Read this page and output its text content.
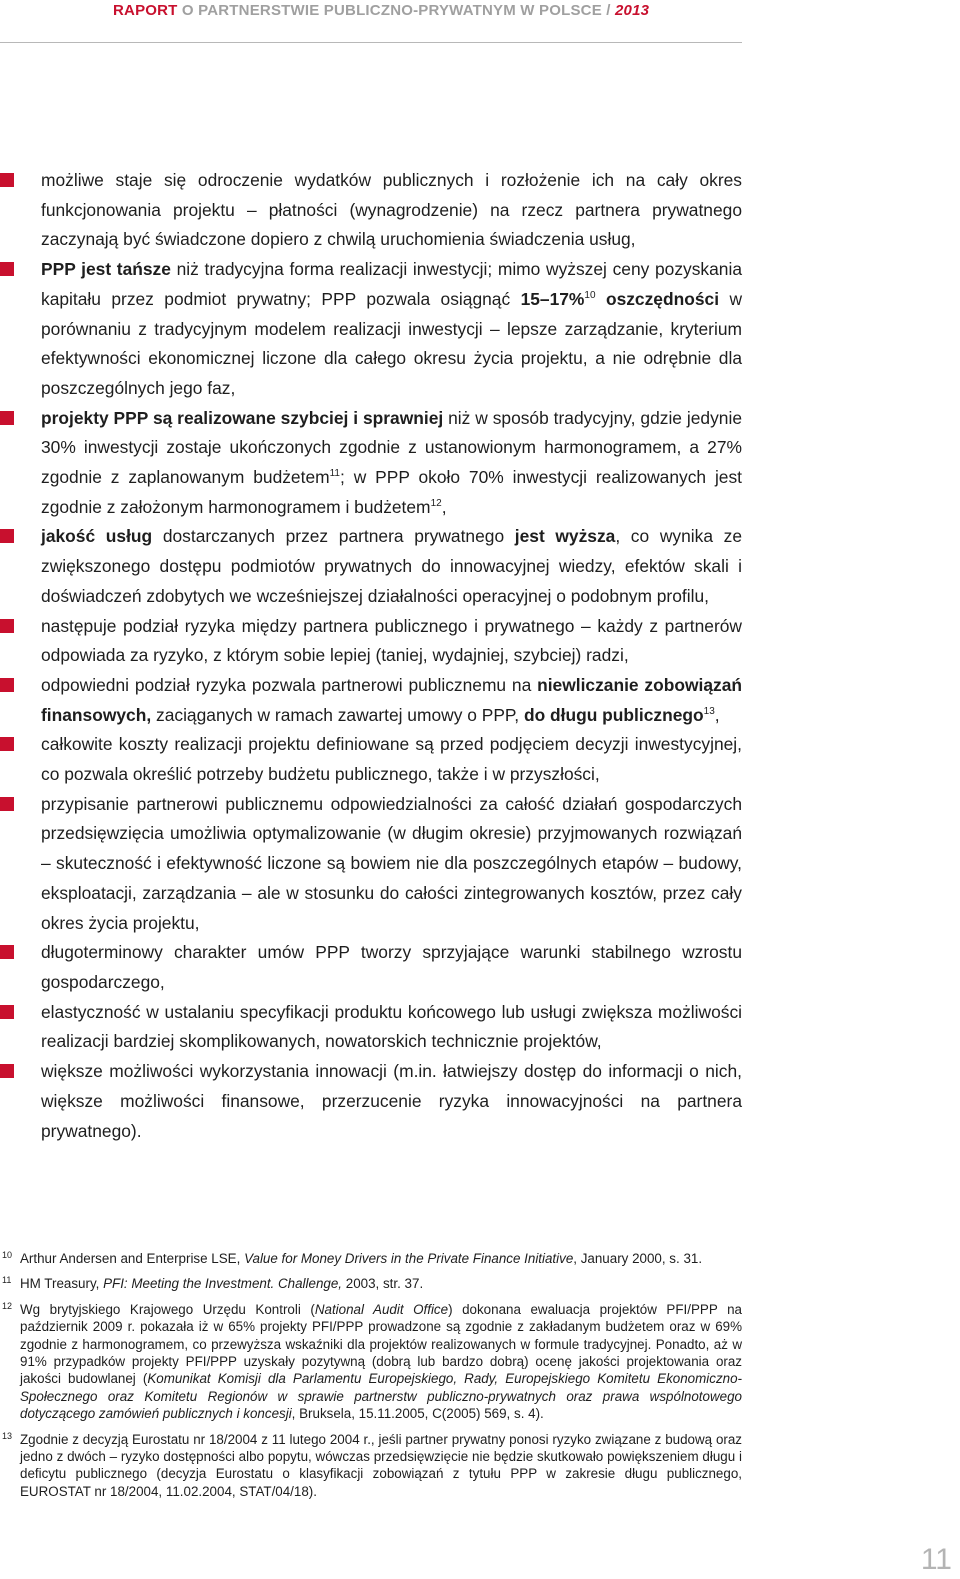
RAPORT O PARTNERSTWIE PUBLICZNO-PRYWATNYM W POLSCE / 2013
możliwe staje się odroczenie wydatków publicznych i rozłożenie ich na cały okres funkcjonowania projektu – płatności (wynagrodzenie) na rzecz partnera prywatnego zaczynają być świadczone dopiero z chwilą uruchomienia świadczenia usług,
PPP jest tańsze niż tradycyjna forma realizacji inwestycji; mimo wyższej ceny pozyskania kapitału przez podmiot prywatny; PPP pozwala osiągnąć 15–17%$^{10}$ oszczędności w porównaniu z tradycyjnym modelem realizacji inwestycji – lepsze zarządzanie, kryterium efektywności ekonomicznej liczone dla całego okresu życia projektu, a nie odrębnie dla poszczególnych jego faz,
projekty PPP są realizowane szybciej i sprawniej niż w sposób tradycyjny, gdzie jedynie 30% inwestycji zostaje ukończonych zgodnie z ustanowionym harmonogramem, a 27% zgodnie z zaplanowanym budżetem$^{11}$; w PPP około 70% inwestycji realizowanych jest zgodnie z założonym harmonogramem i budżetem$^{12}$,
jakość usług dostarczanych przez partnera prywatnego jest wyższa, co wynika ze zwiększonego dostępu podmiotów prywatnych do innowacyjnej wiedzy, efektów skali i doświadczeń zdobytych we wcześniejszej działalności operacyjnej o podobnym profilu,
następuje podział ryzyka między partnera publicznego i prywatnego – każdy z partnerów odpowiada za ryzyko, z którym sobie lepiej (taniej, wydajniej, szybciej) radzi,
odpowiedni podział ryzyka pozwala partnerowi publicznemu na niewliczanie zobowiązań finansowych, zaciąganych w ramach zawartej umowy o PPP, do długu publicznego$^{13}$,
całkowite koszty realizacji projektu definiowane są przed podjęciem decyzji inwestycyjnej, co pozwala określić potrzeby budżetu publicznego, także i w przyszłości,
przypisanie partnerowi publicznemu odpowiedzialności za całość działań gospodarczych przedsięwzięcia umożliwia optymalizowanie (w długim okresie) przyjmowanych rozwiązań – skuteczność i efektywność liczone są bowiem nie dla poszczególnych etapów – budowy, eksploatacji, zarządzania – ale w stosunku do całości zintegrowanych kosztów, przez cały okres życia projektu,
długoterminowy charakter umów PPP tworzy sprzyjające warunki stabilnego wzrostu gospodarczego,
elastyczność w ustalaniu specyfikacji produktu końcowego lub usługi zwiększa możliwości realizacji bardziej skomplikowanych, nowatorskich technicznie projektów,
większe możliwości wykorzystania innowacji (m.in. łatwiejszy dostęp do informacji o nich, większe możliwości finansowe, przerzucenie ryzyka innowacyjności na partnera prywatnego).
10 Arthur Andersen and Enterprise LSE, Value for Money Drivers in the Private Finance Initiative, January 2000, s. 31.
11 HM Treasury, PFI: Meeting the Investment. Challenge, 2003, str. 37.
12 Wg brytyjskiego Krajowego Urzędu Kontroli (National Audit Office) dokonana ewaluacja projektów PFI/PPP na październik 2009 r. pokazała iż w 65% projekty PFI/PPP prowadzone są zgodnie z zakładanym budżetem oraz w 69% zgodnie z harmonogramem, co przewyższa wskaźniki dla projektów realizowanych w formule tradycyjnej. Ponadto, aż w 91% przypadków projekty PFI/PPP uzyskały pozytywną (dobrą lub bardzo dobrą) ocenę jakości projektowania oraz jakości budowlanej (Komunikat Komisji dla Parlamentu Europejskiego, Rady, Europejskiego Komitetu Ekonomiczno-Społecznego oraz Komitetu Regionów w sprawie partnerstw publiczno-prywatnych oraz prawa wspólnotowego dotyczącego zamówień publicznych i koncesji, Bruksela, 15.11.2005, C(2005) 569, s. 4).
13 Zgodnie z decyzją Eurostatu nr 18/2004 z 11 lutego 2004 r., jeśli partner prywatny ponosi ryzyko związane z budową oraz jedno z dwóch – ryzyko dostępności albo popytu, wówczas przedsięwzięcie nie będzie skutkowało powiększeniem długu i deficytu publicznego (decyzja Eurostatu o klasyfikacji zobowiązań z tytułu PPP w zakresie długu publicznego, EUROSTAT nr 18/2004, 11.02.2004, STAT/04/18).
11
